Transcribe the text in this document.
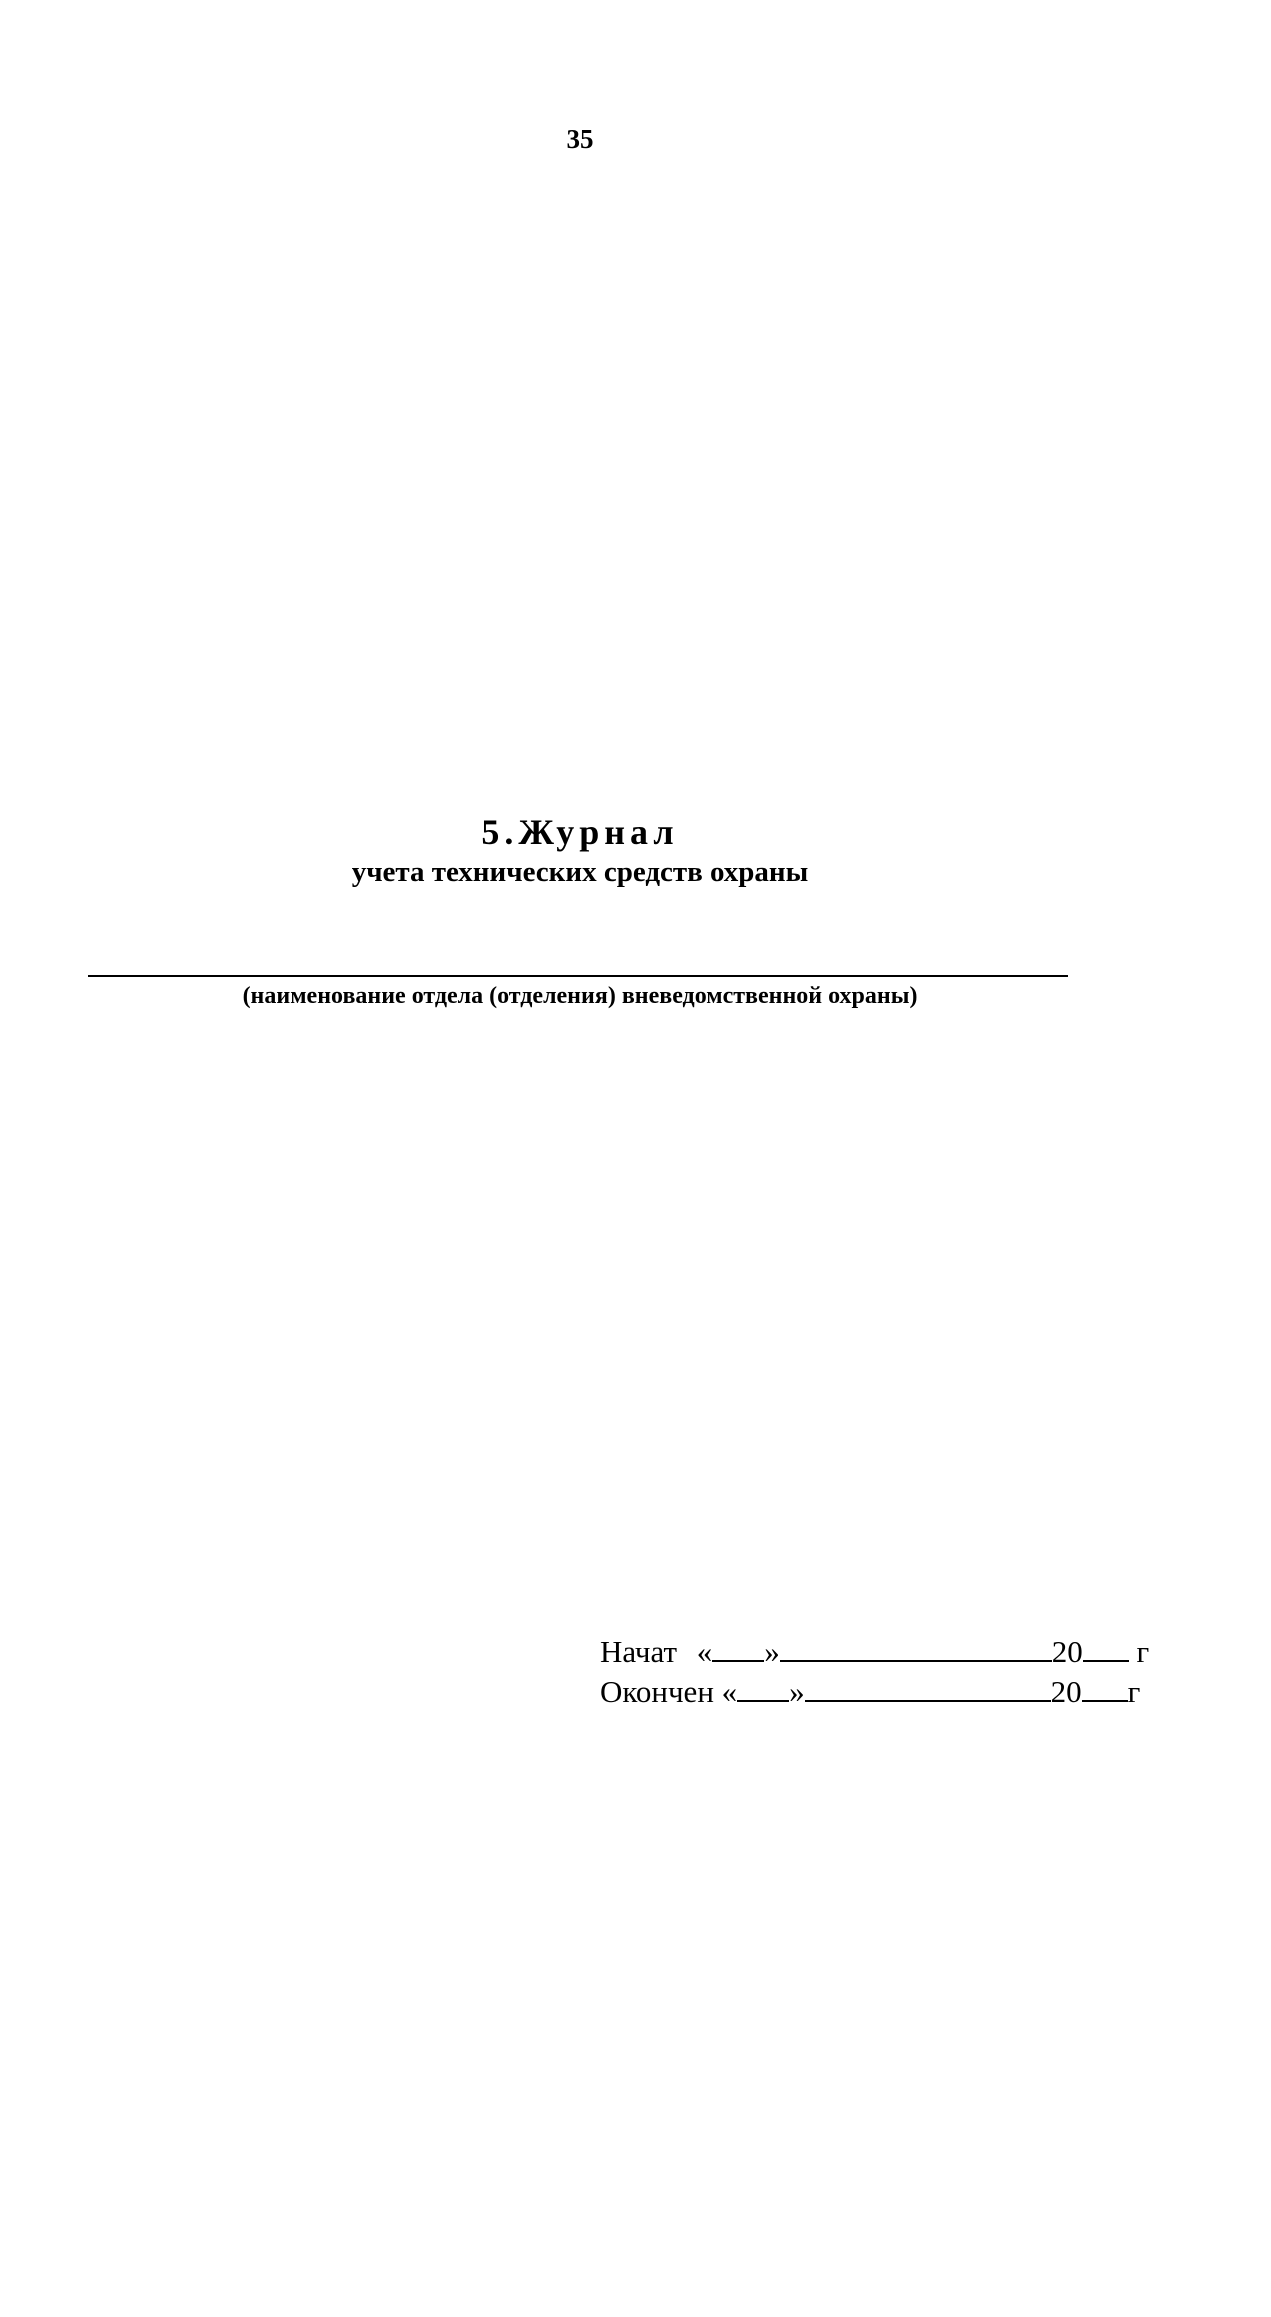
35
5.Журнал
учета технических средств охраны
(наименование отдела (отделения) вневедомственной охраны)
Начат « »	20 г
Окончен « »	20 г
